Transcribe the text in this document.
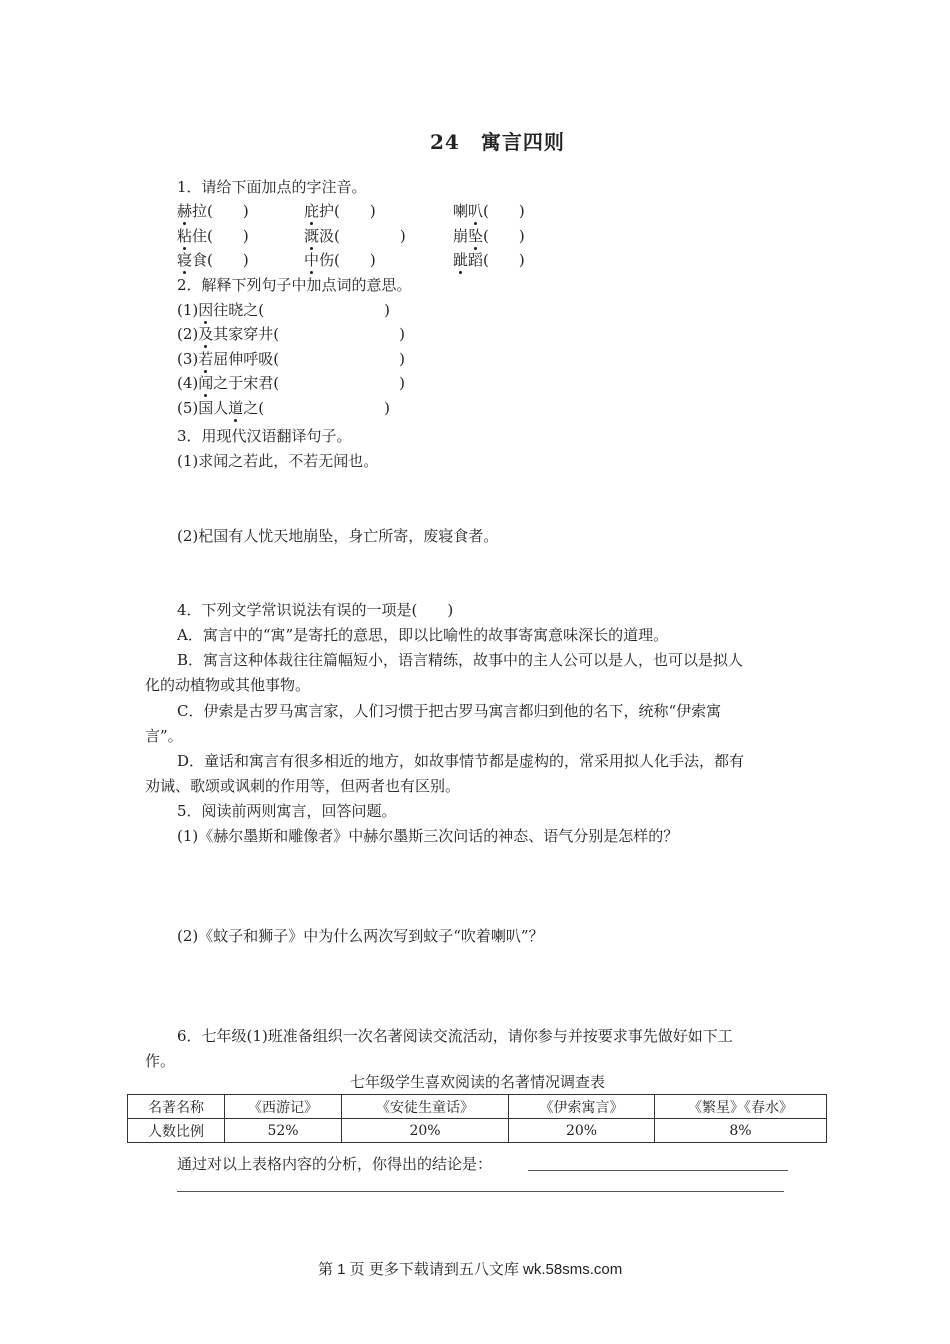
24　寓言四则
1．请给下面加点的字注音。
赫拉(　　)	庇护(　　)	喇叭(　　)
粘住(　　)	溉汲(　　　　)	崩坠(　　)
寝食(　　)	中伤(　　)	跐蹈(　　)
2．解释下列句子中加点词的意思。
(1)因往晓之(　　　　　　　　)
(2)及其家穿井(　　　　　　　　)
(3)若屈伸呼吸(　　　　　　　　)
(4)闻之于宋君(　　　　　　　　)
(5)国人道之(　　　　　　　　)
3．用现代汉语翻译句子。
(1)求闻之若此，不若无闻也。
(2)杞国有人忧天地崩坠，身亡所寄，废寝食者。
4．下列文学常识说法有误的一项是(　　)
A．寓言中的“寓”是寄托的意思，即以比喻性的故事寄寓意味深长的道理。
B．寓言这种体裁往往篇幅短小，语言精练，故事中的主人公可以是人，也可以是拟人
化的动植物或其他事物。
C．伊索是古罗马寓言家，人们习惯于把古罗马寓言都归到他的名下，统称“伊索寓
言”。
D．童话和寓言有很多相近的地方，如故事情节都是虚构的，常采用拟人化手法，都有
劝诫、歌颂或讽刺的作用等，但两者也有区别。
5．阅读前两则寓言，回答问题。
(1)《赫尔墨斯和雕像者》中赫尔墨斯三次问话的神态、语气分别是怎样的？
(2)《蚊子和狮子》中为什么两次写到蚊子“吹着喇叭”？
6．七年级(1)班准备组织一次名著阅读交流活动，请你参与并按要求事先做好如下工
作。
七年级学生喜欢阅读的名著情况调查表
名著名称	《西游记》	《安徒生童话》	《伊索寓言》	《繁星》《春水》
人数比例	52%	20%	20%	8%
通过对以上表格内容的分析，你得出的结论是：
第 1 页 更多下载请到五八文库 wk.58sms.com
